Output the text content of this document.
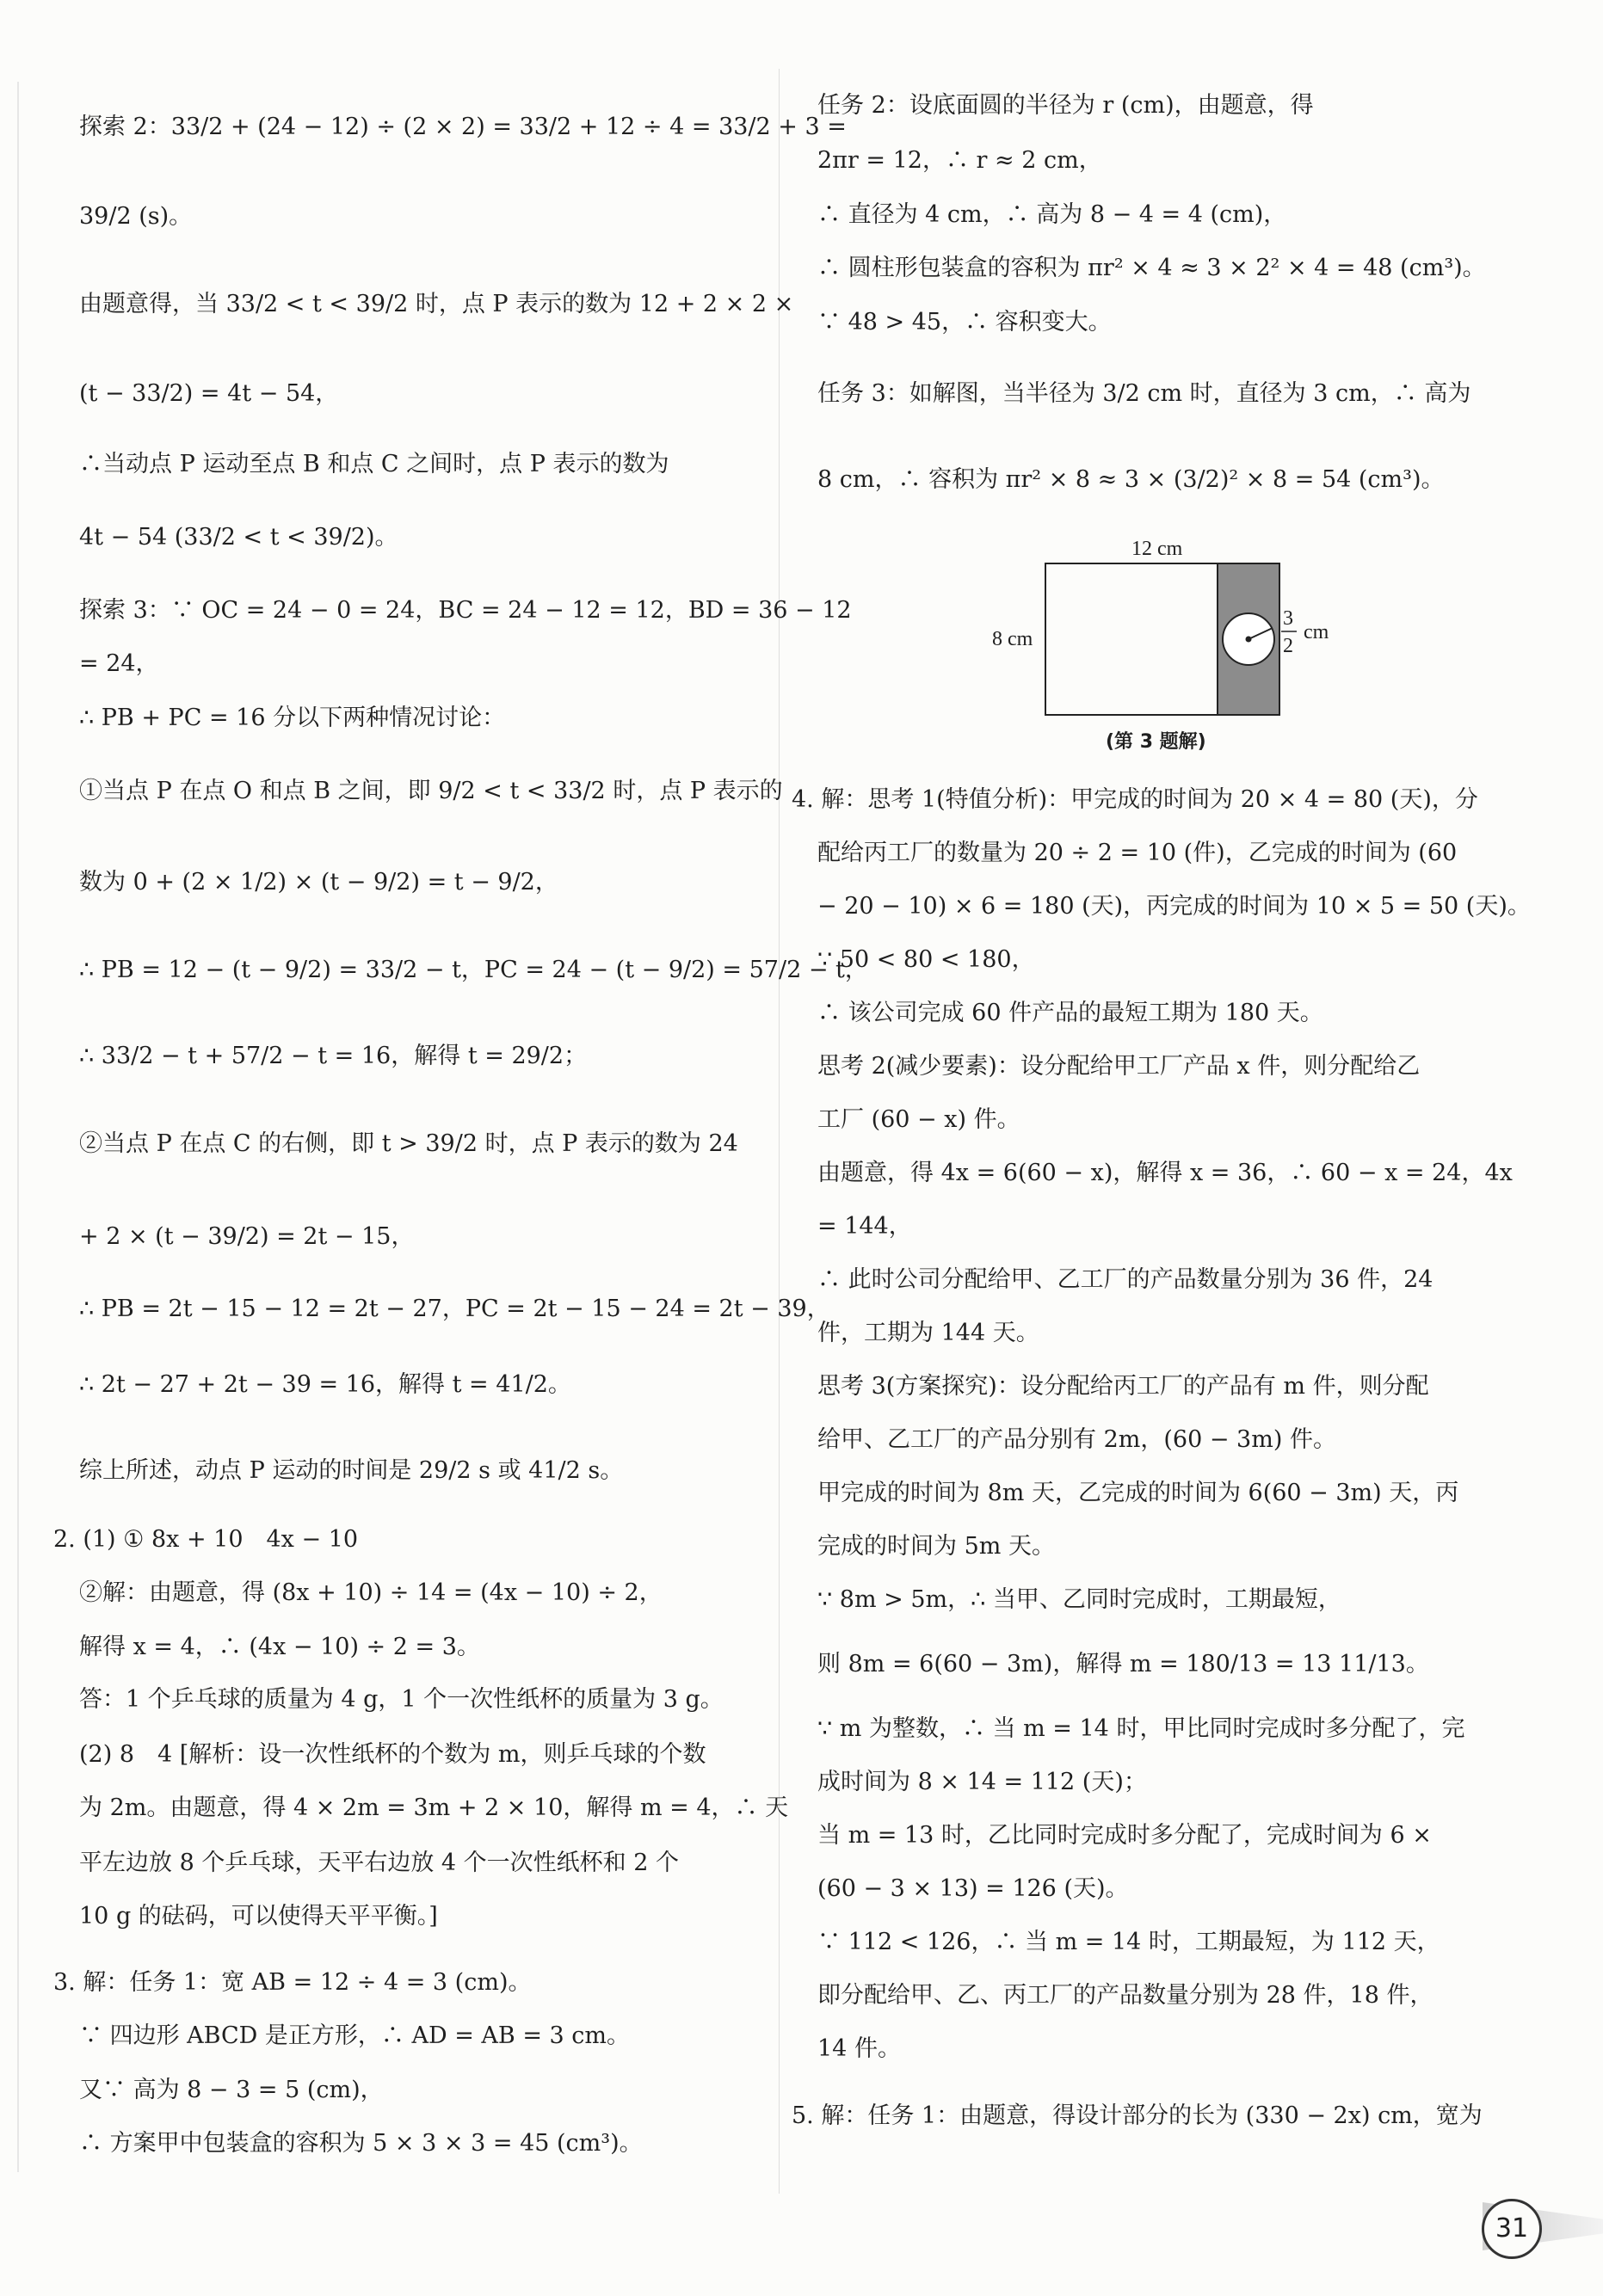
探索 2：33/2 + (24 − 12) ÷ (2 × 2) = 33/2 + 12 ÷ 4 = 33/2 + 3 =
39/2 (s)。
由题意得，当 33/2 < t < 39/2 时，点 P 表示的数为 12 + 2 × 2 ×
(t − 33/2) = 4t − 54，
∴当动点 P 运动至点 B 和点 C 之间时，点 P 表示的数为
4t − 54 (33/2 < t < 39/2)。
探索 3：∵ OC = 24 − 0 = 24，BC = 24 − 12 = 12，BD = 36 − 12
= 24，
∴ PB + PC = 16 分以下两种情况讨论：
①当点 P 在点 O 和点 B 之间，即 9/2 < t < 33/2 时，点 P 表示的
数为 0 + (2 × 1/2) × (t − 9/2) = t − 9/2，
∴ PB = 12 − (t − 9/2) = 33/2 − t，PC = 24 − (t − 9/2) = 57/2 − t，
∴ 33/2 − t + 57/2 − t = 16，解得 t = 29/2；
②当点 P 在点 C 的右侧，即 t > 39/2 时，点 P 表示的数为 24
+ 2 × (t − 39/2) = 2t − 15，
∴ PB = 2t − 15 − 12 = 2t − 27，PC = 2t − 15 − 24 = 2t − 39，
∴ 2t − 27 + 2t − 39 = 16，解得 t = 41/2。
综上所述，动点 P 运动的时间是 29/2 s 或 41/2 s。
2. (1) ① 8x + 10　4x − 10
②解：由题意，得 (8x + 10) ÷ 14 = (4x − 10) ÷ 2，
解得 x = 4，∴ (4x − 10) ÷ 2 = 3。
答：1 个乒乓球的质量为 4 g，1 个一次性纸杯的质量为 3 g。
(2) 8　4 [解析：设一次性纸杯的个数为 m，则乒乓球的个数
为 2m。由题意，得 4 × 2m = 3m + 2 × 10，解得 m = 4，∴ 天
平左边放 8 个乒乓球，天平右边放 4 个一次性纸杯和 2 个
10 g 的砝码，可以使得天平平衡。]
3. 解：任务 1：宽 AB = 12 ÷ 4 = 3 (cm)。
∵ 四边形 ABCD 是正方形，∴ AD = AB = 3 cm。
又∵ 高为 8 − 3 = 5 (cm)，
∴ 方案甲中包装盒的容积为 5 × 3 × 3 = 45 (cm³)。
任务 2：设底面圆的半径为 r (cm)，由题意，得
2πr = 12，∴ r ≈ 2 cm，
∴ 直径为 4 cm，∴ 高为 8 − 4 = 4 (cm)，
∴ 圆柱形包装盒的容积为 πr² × 4 ≈ 3 × 2² × 4 = 48 (cm³)。
∵ 48 > 45，∴ 容积变大。
任务 3：如解图，当半径为 3/2 cm 时，直径为 3 cm，∴ 高为
8 cm，∴ 容积为 πr² × 8 ≈ 3 × (3/2)² × 8 = 54 (cm³)。
4. 解：思考 1(特值分析)：甲完成的时间为 20 × 4 = 80 (天)，分
配给丙工厂的数量为 20 ÷ 2 = 10 (件)，乙完成的时间为 (60
− 20 − 10) × 6 = 180 (天)，丙完成的时间为 10 × 5 = 50 (天)。
∵ 50 < 80 < 180，
∴ 该公司完成 60 件产品的最短工期为 180 天。
思考 2(减少要素)：设分配给甲工厂产品 x 件，则分配给乙
工厂 (60 − x) 件。
由题意，得 4x = 6(60 − x)，解得 x = 36，∴ 60 − x = 24，4x
= 144，
∴ 此时公司分配给甲、乙工厂的产品数量分别为 36 件，24
件，工期为 144 天。
思考 3(方案探究)：设分配给丙工厂的产品有 m 件，则分配
给甲、乙工厂的产品分别有 2m，(60 − 3m) 件。
甲完成的时间为 8m 天，乙完成的时间为 6(60 − 3m) 天，丙
完成的时间为 5m 天。
∵ 8m > 5m，∴ 当甲、乙同时完成时，工期最短，
则 8m = 6(60 − 3m)，解得 m = 180/13 = 13 11/13。
∵ m 为整数，∴ 当 m = 14 时，甲比同时完成时多分配了，完
成时间为 8 × 14 = 112 (天)；
当 m = 13 时，乙比同时完成时多分配了，完成时间为 6 ×
(60 − 3 × 13) = 126 (天)。
∵ 112 < 126，∴ 当 m = 14 时，工期最短，为 112 天，
即分配给甲、乙、丙工厂的产品数量分别为 28 件，18 件，
14 件。
5. 解：任务 1：由题意，得设计部分的长为 (330 − 2x) cm，宽为
12 cm
8 cm
3
2
cm
(第 3 题解)
31
